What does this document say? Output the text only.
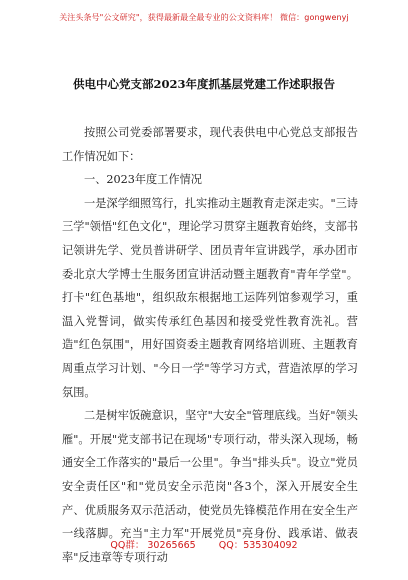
关注头条号"公文研究"，获得最新最全最专业的公文资料库！ 微信：gongwenyj
供电中心党支部2023年度抓基层党建工作述职报告

按照公司党委部署要求，现代表供电中心党总支部报告工作情况如下：

一、2023年度工作情况

一是深学细照笃行，扎实推动主题教育走深走实。"三诗三学"领悟"红色文化"，理论学习贯穿主题教育始终，支部书记领讲先学、党员普讲研学、团员青年宣讲践学，承办团市委北京大学博士生服务团宣讲活动暨主题教育"青年学堂"。打卡"红色基地"，组织敌东根据地工运阵列馆参观学习，重温入党誓词，做实传承红色基因和接受党性教育洗礼。营造"红色氛围"，用好国资委主题教育网络培训班、主题教育周重点学习计划、"今日一学"等学习方式，营造浓厚的学习氛围。

二是树牢饭碗意识，坚守"大安全"管理底线。当好"领头雁"。开展"党支部书记在现场"专项行动，带头深入现场，畅通安全工作落实的"最后一公里"。争当"排头兵"。设立"党员安全责任区"和"党员安全示范岗"各3个，深入开展安全生产、优质服务双示范活动，使党员先锋模范作用在安全生产一线落脚。充当"主力军"开展党员"亮身份、践承诺、做表率"反违章等专项行动

QQ群： 30265665 QQ：535304092
